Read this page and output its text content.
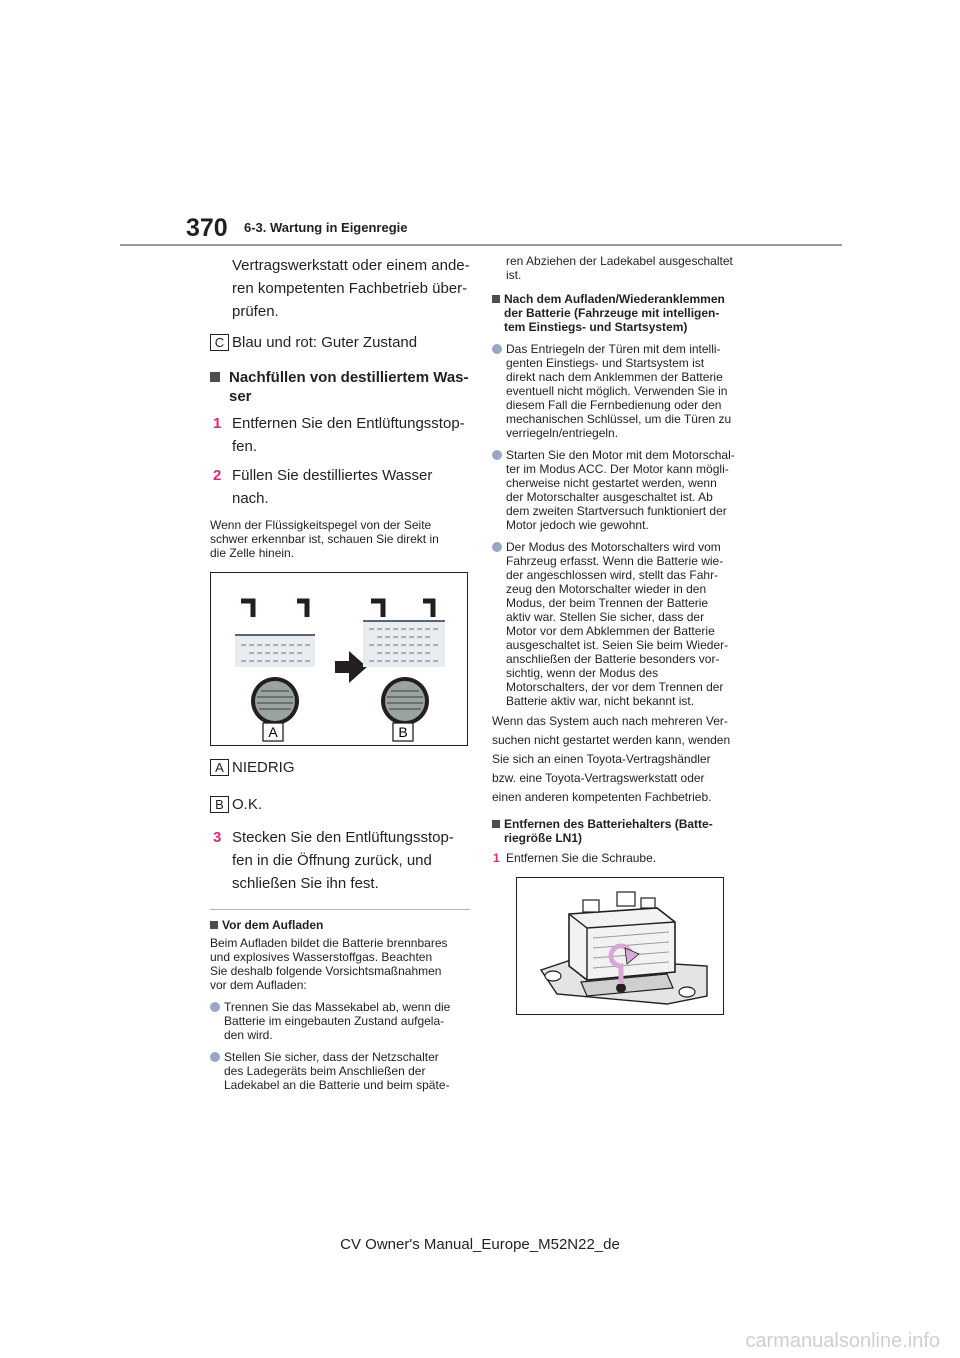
370 6-3. Wartung in Eigenregie
Vertragswerkstatt oder einem ande-
ren kompetenten Fachbetrieb über-
prüfen.
C Blau und rot: Guter Zustand
Nachfüllen von destilliertem Was-
ser
1 Entfernen Sie den Entlüftungsstop-
fen.
2 Füllen Sie destilliertes Wasser
nach.
Wenn der Flüssigkeitspegel von der Seite
schwer erkennbar ist, schauen Sie direkt in
die Zelle hinein.
A	B
A NIEDRIG
B O.K.
3 Stecken Sie den Entlüftungsstop-
fen in die Öffnung zurück, und
schließen Sie ihn fest.
Vor dem Aufladen
Beim Aufladen bildet die Batterie brennbares
und explosives Wasserstoffgas. Beachten
Sie deshalb folgende Vorsichtsmaßnahmen
vor dem Aufladen:
Trennen Sie das Massekabel ab, wenn die
Batterie im eingebauten Zustand aufgela-
den wird.
Stellen Sie sicher, dass der Netzschalter
des Ladegeräts beim Anschließen der
Ladekabel an die Batterie und beim späte-
ren Abziehen der Ladekabel ausgeschaltet
ist.
Nach dem Aufladen/Wiederanklemmen
der Batterie (Fahrzeuge mit intelligen-
tem Einstiegs- und Startsystem)
Das Entriegeln der Türen mit dem intelli-
genten Einstiegs- und Startsystem ist
direkt nach dem Anklemmen der Batterie
eventuell nicht möglich. Verwenden Sie in
diesem Fall die Fernbedienung oder den
mechanischen Schlüssel, um die Türen zu
verriegeln/entriegeln.
Starten Sie den Motor mit dem Motorschal-
ter im Modus ACC. Der Motor kann mögli-
cherweise nicht gestartet werden, wenn
der Motorschalter ausgeschaltet ist. Ab
dem zweiten Startversuch funktioniert der
Motor jedoch wie gewohnt.
Der Modus des Motorschalters wird vom
Fahrzeug erfasst. Wenn die Batterie wie-
der angeschlossen wird, stellt das Fahr-
zeug den Motorschalter wieder in den
Modus, der beim Trennen der Batterie
aktiv war. Stellen Sie sicher, dass der
Motor vor dem Abklemmen der Batterie
ausgeschaltet ist. Seien Sie beim Wieder-
anschließen der Batterie besonders vor-
sichtig, wenn der Modus des
Motorschalters, der vor dem Trennen der
Batterie aktiv war, nicht bekannt ist.
Wenn das System auch nach mehreren Ver-
suchen nicht gestartet werden kann, wenden
Sie sich an einen Toyota-Vertragshändler
bzw. eine Toyota-Vertragswerkstatt oder
einen anderen kompetenten Fachbetrieb.
Entfernen des Batteriehalters (Batte-
riegröße LN1)
1 Entfernen Sie die Schraube.
CV Owner's Manual_Europe_M52N22_de
carmanualsonline.info
